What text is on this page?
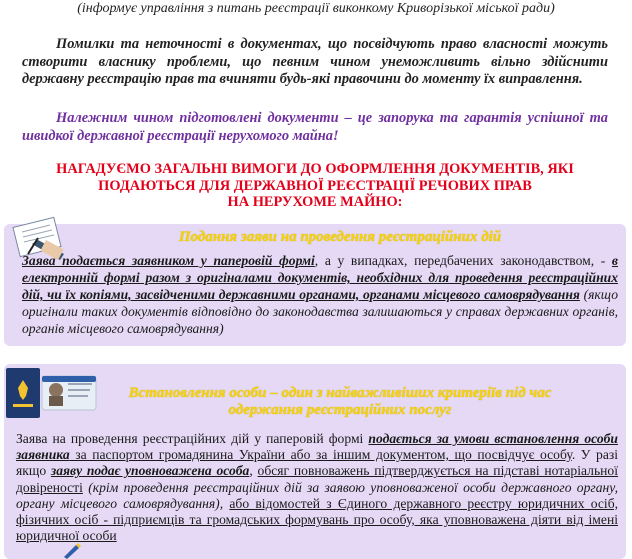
(інформує управління з питань реєстрації виконкому Криворізької міської ради)
Помилки та неточності в документах, що посвідчують право власності можуть створити власнику проблеми, що певним чином унеможливить вільно здійснити державну реєстрацію прав та вчиняти будь-які правочини до моменту їх виправлення.
Належним чином підготовлені документи – це запорука та гарантія успішної та швидкої державної реєстрації нерухомого майна!
НАГАДУЄМО ЗАГАЛЬНІ ВИМОГИ ДО ОФОРМЛЕННЯ ДОКУМЕНТІВ, ЯКІ
ПОДАЮТЬСЯ ДЛЯ ДЕРЖАВНОЇ РЕЄСТРАЦІЇ РЕЧОВИХ ПРАВ
НА НЕРУХОМЕ МАЙНО:
Подання заяви на проведення реєстраційних дій
Заява подається заявником у паперовій формі, а у випадках, передбачених законодавством, - в електронній формі разом з оригіналами документів, необхідних для проведення реєстраційних дій, чи їх копіями, засвідченими державними органами, органами місцевого самоврядування (якщо оригінали таких документів відповідно до законодавства залишаються у справах державних органів, органів місцевого самоврядування)
Встановлення особи – один з найважливіших критеріїв під час одержання реєстраційних послуг
Заява на проведення реєстраційних дій у паперовій формі подається за умови встановлення особи заявника за паспортом громадянина України або за іншим документом, що посвідчує особу. У разі якщо заяву подає уповноважена особа, обсяг повноважень підтверджується на підставі нотаріальної довіреності (крім проведення реєстраційних дій за заявою уповноваженої особи державного органу, органу місцевого самоврядування), або відомостей з Єдиного державного реєстру юридичних осіб, фізичних осіб - підприємців та громадських формувань про особу, яка уповноважена діяти від імені юридичної особи
